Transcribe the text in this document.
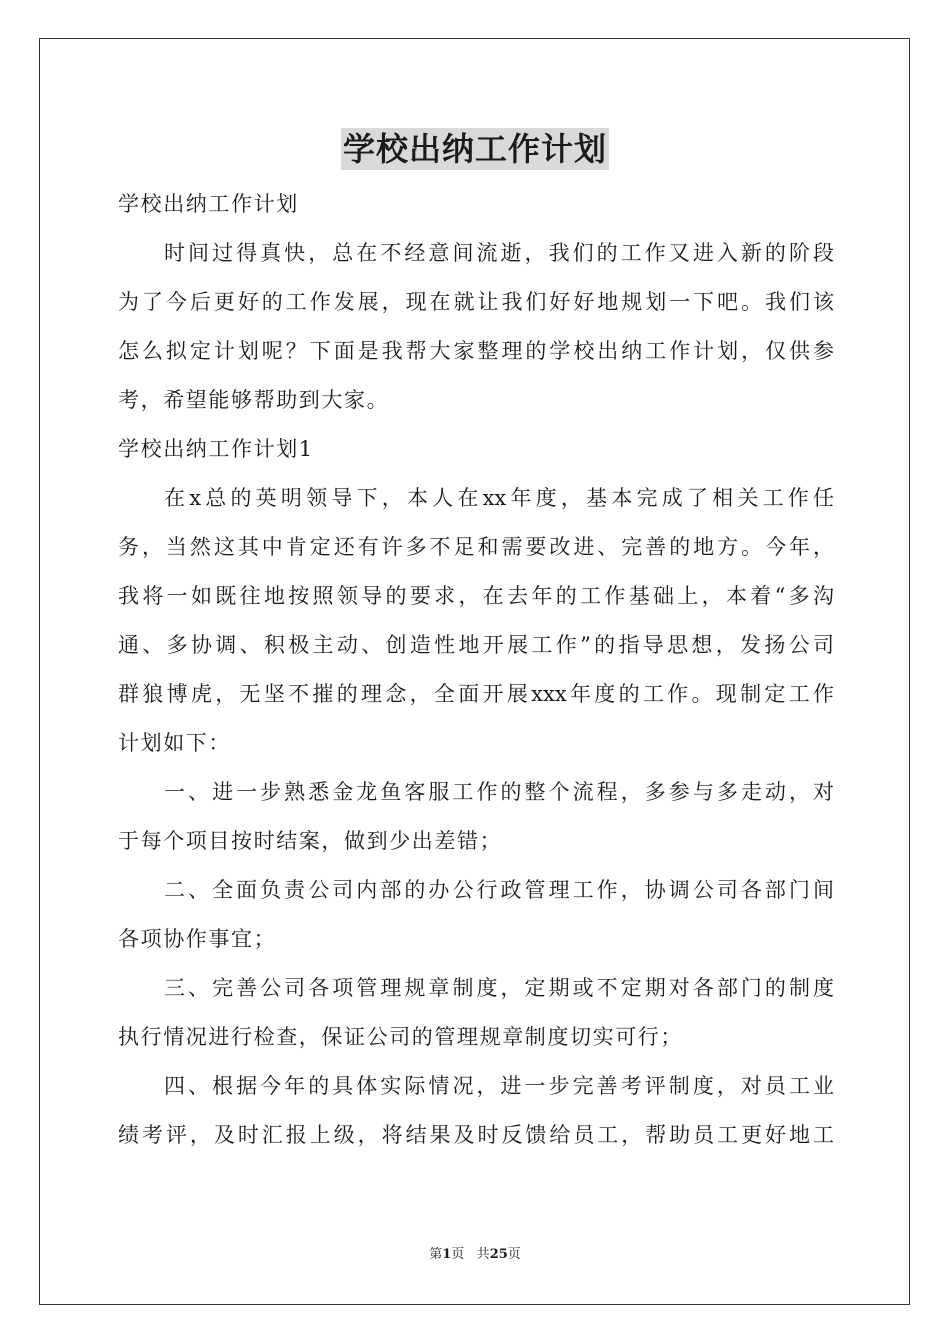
学校出纳工作计划
学校出纳工作计划
时间过得真快，总在不经意间流逝，我们的工作又进入新的阶段
为了今后更好的工作发展，现在就让我们好好地规划一下吧。我们该
怎么拟定计划呢？下面是我帮大家整理的学校出纳工作计划，仅供参
考，希望能够帮助到大家。
学校出纳工作计划1
在x总的英明领导下，本人在xx年度，基本完成了相关工作任
务，当然这其中肯定还有许多不足和需要改进、完善的地方。今年，
我将一如既往地按照领导的要求，在去年的工作基础上，本着“多沟
通、多协调、积极主动、创造性地开展工作”的指导思想，发扬公司
群狼博虎，无坚不摧的理念，全面开展xxx年度的工作。现制定工作
计划如下：
一、进一步熟悉金龙鱼客服工作的整个流程，多参与多走动，对
于每个项目按时结案，做到少出差错；
二、全面负责公司内部的办公行政管理工作，协调公司各部门间
各项协作事宜；
三、完善公司各项管理规章制度，定期或不定期对各部门的制度
执行情况进行检查，保证公司的管理规章制度切实可行；
四、根据今年的具体实际情况，进一步完善考评制度，对员工业
绩考评，及时汇报上级，将结果及时反馈给员工，帮助员工更好地工
第1页 共25页
